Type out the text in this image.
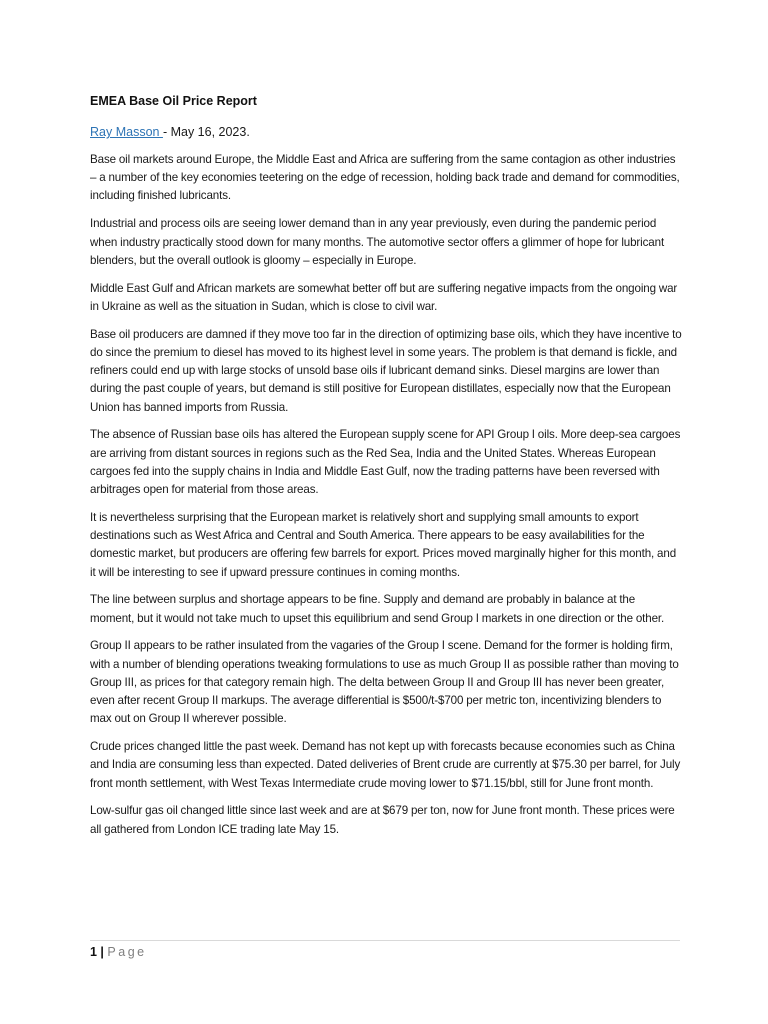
EMEA Base Oil Price Report
Ray Masson - May 16, 2023.

Base oil markets around Europe, the Middle East and Africa are suffering from the same contagion as other industries – a number of the key economies teetering on the edge of recession, holding back trade and demand for commodities, including finished lubricants.

Industrial and process oils are seeing lower demand than in any year previously, even during the pandemic period when industry practically stood down for many months. The automotive sector offers a glimmer of hope for lubricant blenders, but the overall outlook is gloomy – especially in Europe.

Middle East Gulf and African markets are somewhat better off but are suffering negative impacts from the ongoing war in Ukraine as well as the situation in Sudan, which is close to civil war.

Base oil producers are damned if they move too far in the direction of optimizing base oils, which they have incentive to do since the premium to diesel has moved to its highest level in some years. The problem is that demand is fickle, and refiners could end up with large stocks of unsold base oils if lubricant demand sinks. Diesel margins are lower than during the past couple of years, but demand is still positive for European distillates, especially now that the European Union has banned imports from Russia.

The absence of Russian base oils has altered the European supply scene for API Group I oils. More deep-sea cargoes are arriving from distant sources in regions such as the Red Sea, India and the United States. Whereas European cargoes fed into the supply chains in India and Middle East Gulf, now the trading patterns have been reversed with arbitrages open for material from those areas.

It is nevertheless surprising that the European market is relatively short and supplying small amounts to export destinations such as West Africa and Central and South America. There appears to be easy availabilities for the domestic market, but producers are offering few barrels for export. Prices moved marginally higher for this month, and it will be interesting to see if upward pressure continues in coming months.

The line between surplus and shortage appears to be fine. Supply and demand are probably in balance at the moment, but it would not take much to upset this equilibrium and send Group I markets in one direction or the other.

Group II appears to be rather insulated from the vagaries of the Group I scene. Demand for the former is holding firm, with a number of blending operations tweaking formulations to use as much Group II as possible rather than moving to Group III, as prices for that category remain high. The delta between Group II and Group III has never been greater, even after recent Group II markups. The average differential is $500/t-$700 per metric ton, incentivizing blenders to max out on Group II wherever possible.

Crude prices changed little the past week. Demand has not kept up with forecasts because economies such as China and India are consuming less than expected. Dated deliveries of Brent crude are currently at $75.30 per barrel, for July front month settlement, with West Texas Intermediate crude moving lower to $71.15/bbl, still for June front month.

Low-sulfur gas oil changed little since last week and are at $679 per ton, now for June front month. These prices were all gathered from London ICE trading late May 15.

1 | Page
